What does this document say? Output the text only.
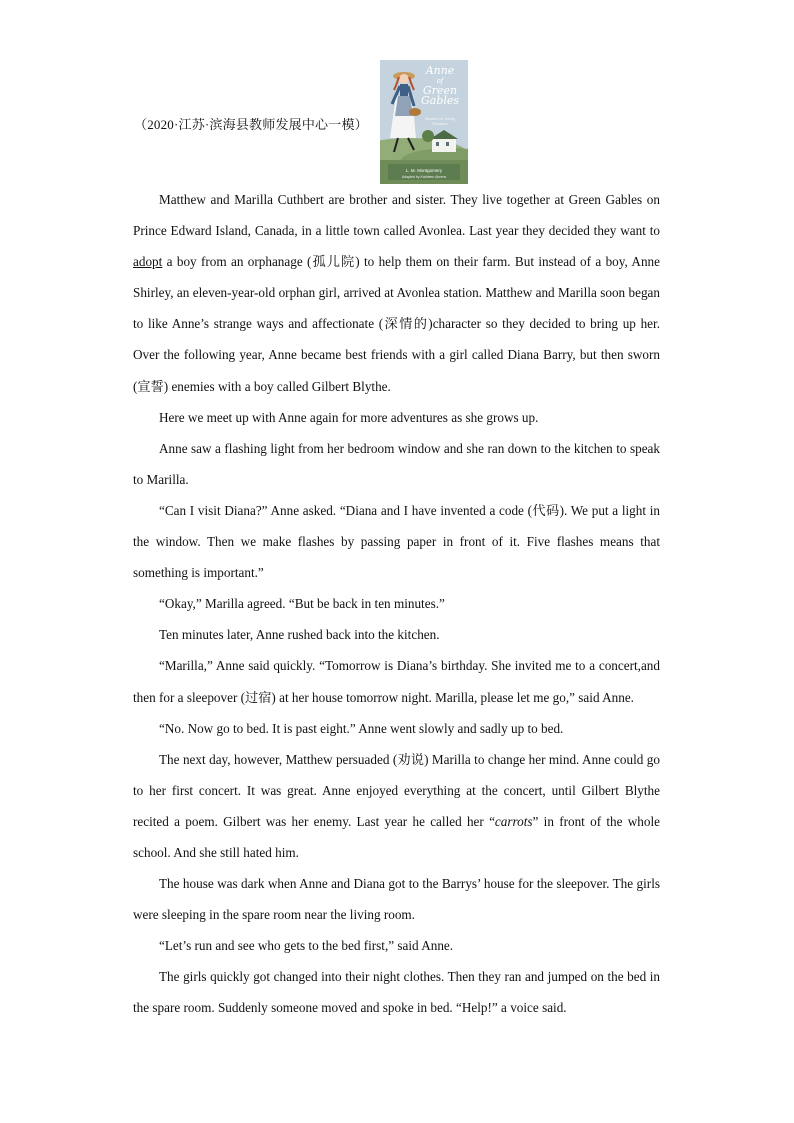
（2020·江苏·滨海县教师发展中心一模）
Anne
of
Green
Gables
Stories for Young Readers
L. M. Montgomery
Adapted by Kathleen Ahrens

Matthew and Marilla Cuthbert are brother and sister. They live together at Green Gables on Prince Edward Island, Canada, in a little town called Avonlea. Last year they decided they want to adopt a boy from an orphanage (孤儿院) to help them on their farm. But instead of a boy, Anne Shirley, an eleven-year-old orphan girl, arrived at Avonlea station. Matthew and Marilla soon began to like Anne’s strange ways and affectionate (深情的)character so they decided to bring up her. Over the following year, Anne became best friends with a girl called Diana Barry, but then sworn (宣誓) enemies with a boy called Gilbert Blythe.

Here we meet up with Anne again for more adventures as she grows up.

Anne saw a flashing light from her bedroom window and she ran down to the kitchen to speak to Marilla.

“Can I visit Diana?” Anne asked. “Diana and I have invented a code (代码). We put a light in the window. Then we make flashes by passing paper in front of it. Five flashes means that something is important.”

“Okay,” Marilla agreed. “But be back in ten minutes.”

Ten minutes later, Anne rushed back into the kitchen.

“Marilla,” Anne said quickly. “Tomorrow is Diana’s birthday. She invited me to a concert,and then for a sleepover (过宿) at her house tomorrow night. Marilla, please let me go,” said Anne.

“No. Now go to bed. It is past eight.” Anne went slowly and sadly up to bed.

The next day, however, Matthew persuaded (劝说) Marilla to change her mind. Anne could go to her first concert. It was great. Anne enjoyed everything at the concert, until Gilbert Blythe recited a poem. Gilbert was her enemy. Last year he called her “carrots” in front of the whole school. And she still hated him.

The house was dark when Anne and Diana got to the Barrys’ house for the sleepover. The girls were sleeping in the spare room near the living room.

“Let’s run and see who gets to the bed first,” said Anne.

The girls quickly got changed into their night clothes. Then they ran and jumped on the bed in the spare room. Suddenly someone moved and spoke in bed. “Help!” a voice said.
